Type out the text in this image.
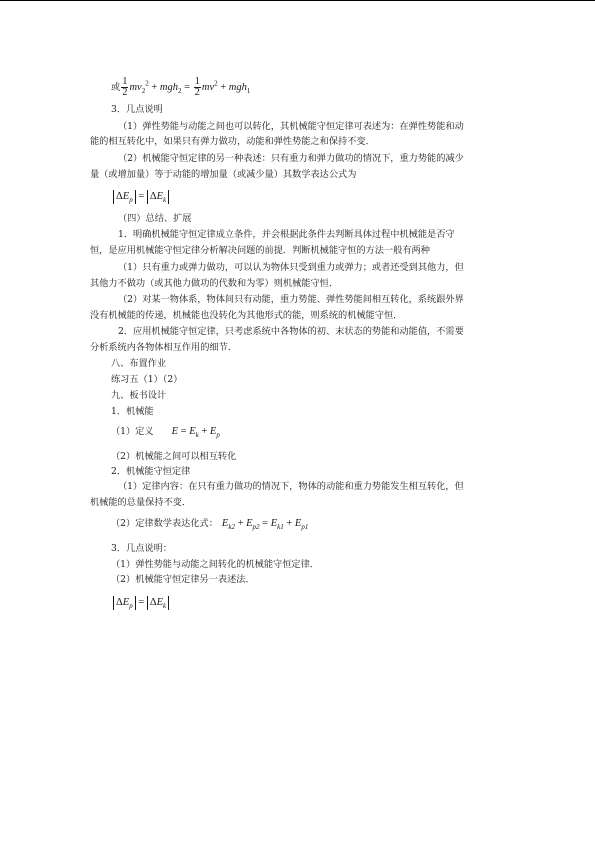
或 $\frac{1}{2} mv_2^2 + mgh_2 = \frac{1}{2} mv^2 + mgh_1$
3．几点说明
（1）弹性势能与动能之间也可以转化，其机械能守恒定律可表述为：在弹性势能和动
能的相互转化中，如果只有弹力做功，动能和弹性势能之和保持不变．
（2）机械能守恒定律的另一种表述：只有重力和弹力做功的情况下，重力势能的减少
量（或增加量）等于动能的增加量（或减少量）其数学表达公式为
$\Delta E_p = \Delta E_k$
（四）总结、扩展
1．明确机械能守恒定律成立条件，并会根据此条件去判断具体过程中机械能是否守
恒，是应用机械能守恒定律分析解决问题的前提．判断机械能守恒的方法一般有两种
（1）只有重力或弹力做功，可以认为物体只受到重力或弹力；或者还受到其他力，但
其他力不做功（或其他力做功的代数和为零）则机械能守恒．
（2）对某一物体系，物体间只有动能，重力势能、弹性势能间相互转化，系统跟外界
没有机械能的传递，机械能也没转化为其他形式的能，则系统的机械能守恒．
2．应用机械能守恒定律，只考虑系统中各物体的初、末状态的势能和动能值，不需要
分析系统内各物体相互作用的细节．
八、布置作业
练习五（1）（2）
九、板书设计
1．机械能
（1）定义 $E = E_k + E_p$
（2）机械能之间可以相互转化
2．机械能守恒定律
（1）定律内容：在只有重力做功的情况下，物体的动能和重力势能发生相互转化，但
机械能的总量保持不变．
（2）定律数学表达化式： $E_{k2} + E_{p2} = E_{k1} + E_{p1}$
3．几点说明：
（1）弹性势能与动能之间转化的机械能守恒定律．
（2）机械能守恒定律另一表述法．
$\Delta E_p = \Delta E_k$
